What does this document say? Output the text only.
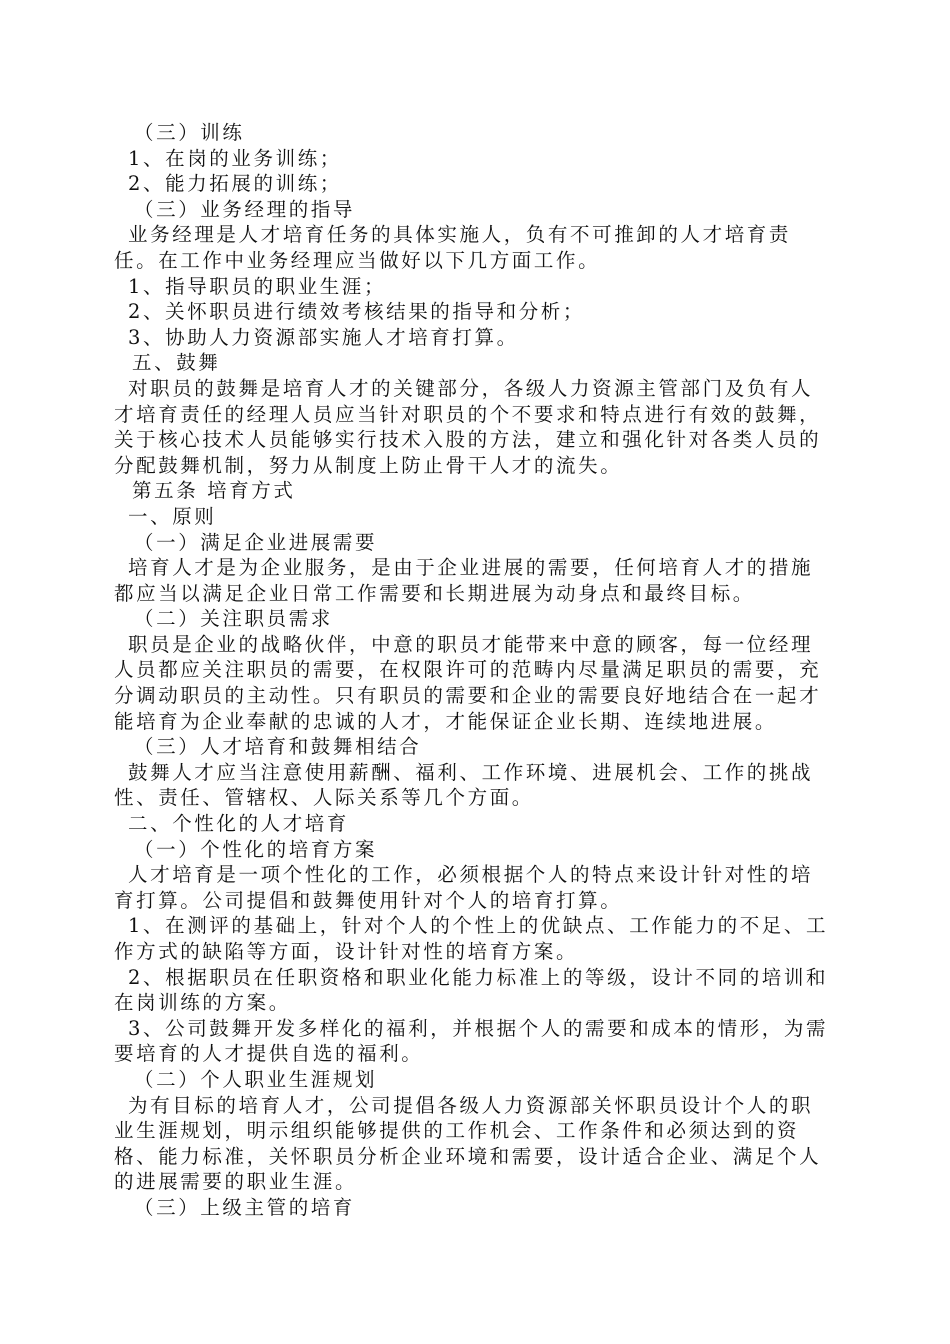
（三）训练
1、在岗的业务训练；
2、能力拓展的训练；
（三）业务经理的指导
业务经理是人才培育任务的具体实施人，负有不可推卸的人才培育责
任。在工作中业务经理应当做好以下几方面工作。
1、指导职员的职业生涯；
2、关怀职员进行绩效考核结果的指导和分析；
3、协助人力资源部实施人才培育打算。
五、鼓舞
对职员的鼓舞是培育人才的关键部分，各级人力资源主管部门及负有人
才培育责任的经理人员应当针对职员的个不要求和特点进行有效的鼓舞，
关于核心技术人员能够实行技术入股的方法，建立和强化针对各类人员的
分配鼓舞机制，努力从制度上防止骨干人才的流失。
第五条 培育方式
一、原则
（一）满足企业进展需要
培育人才是为企业服务，是由于企业进展的需要，任何培育人才的措施
都应当以满足企业日常工作需要和长期进展为动身点和最终目标。
（二）关注职员需求
职员是企业的战略伙伴，中意的职员才能带来中意的顾客，每一位经理
人员都应关注职员的需要，在权限许可的范畴内尽量满足职员的需要，充
分调动职员的主动性。只有职员的需要和企业的需要良好地结合在一起才
能培育为企业奉献的忠诚的人才，才能保证企业长期、连续地进展。
（三）人才培育和鼓舞相结合
鼓舞人才应当注意使用薪酬、福利、工作环境、进展机会、工作的挑战
性、责任、管辖权、人际关系等几个方面。
二、个性化的人才培育
（一）个性化的培育方案
人才培育是一项个性化的工作，必须根据个人的特点来设计针对性的培
育打算。公司提倡和鼓舞使用针对个人的培育打算。
1、在测评的基础上，针对个人的个性上的优缺点、工作能力的不足、工
作方式的缺陷等方面，设计针对性的培育方案。
2、根据职员在任职资格和职业化能力标准上的等级，设计不同的培训和
在岗训练的方案。
3、公司鼓舞开发多样化的福利，并根据个人的需要和成本的情形，为需
要培育的人才提供自选的福利。
（二）个人职业生涯规划
为有目标的培育人才，公司提倡各级人力资源部关怀职员设计个人的职
业生涯规划，明示组织能够提供的工作机会、工作条件和必须达到的资
格、能力标准，关怀职员分析企业环境和需要，设计适合企业、满足个人
的进展需要的职业生涯。
（三）上级主管的培育
